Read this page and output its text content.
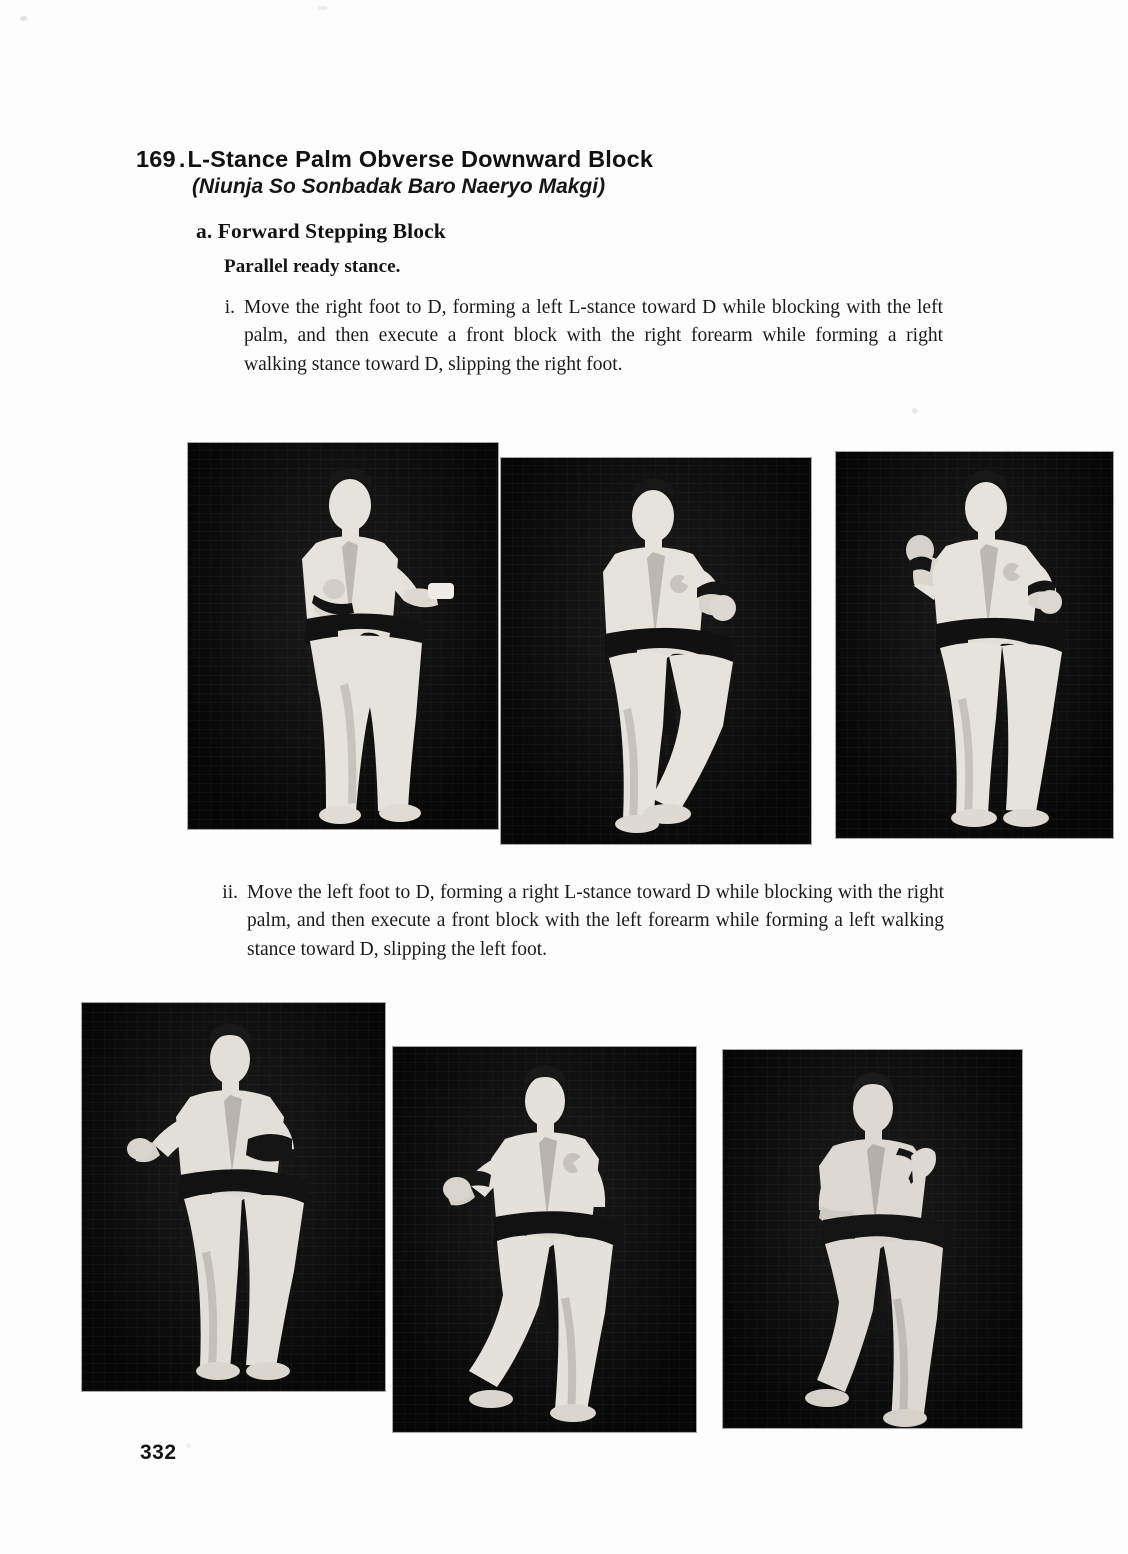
169 .L-Stance Palm Obverse Downward Block
(Niunja So Sonbadak Baro Naeryo Makgi)
a. Forward Stepping Block
Parallel ready stance.
i. Move the right foot to D, forming a left L-stance toward D while blocking with the left palm, and then execute a front block with the right forearm while forming a right walking stance toward D, slipping the right foot.
ii. Move the left foot to D, forming a right L-stance toward D while blocking with the right palm, and then execute a front block with the left forearm while forming a left walking stance toward D, slipping the left foot.
332
